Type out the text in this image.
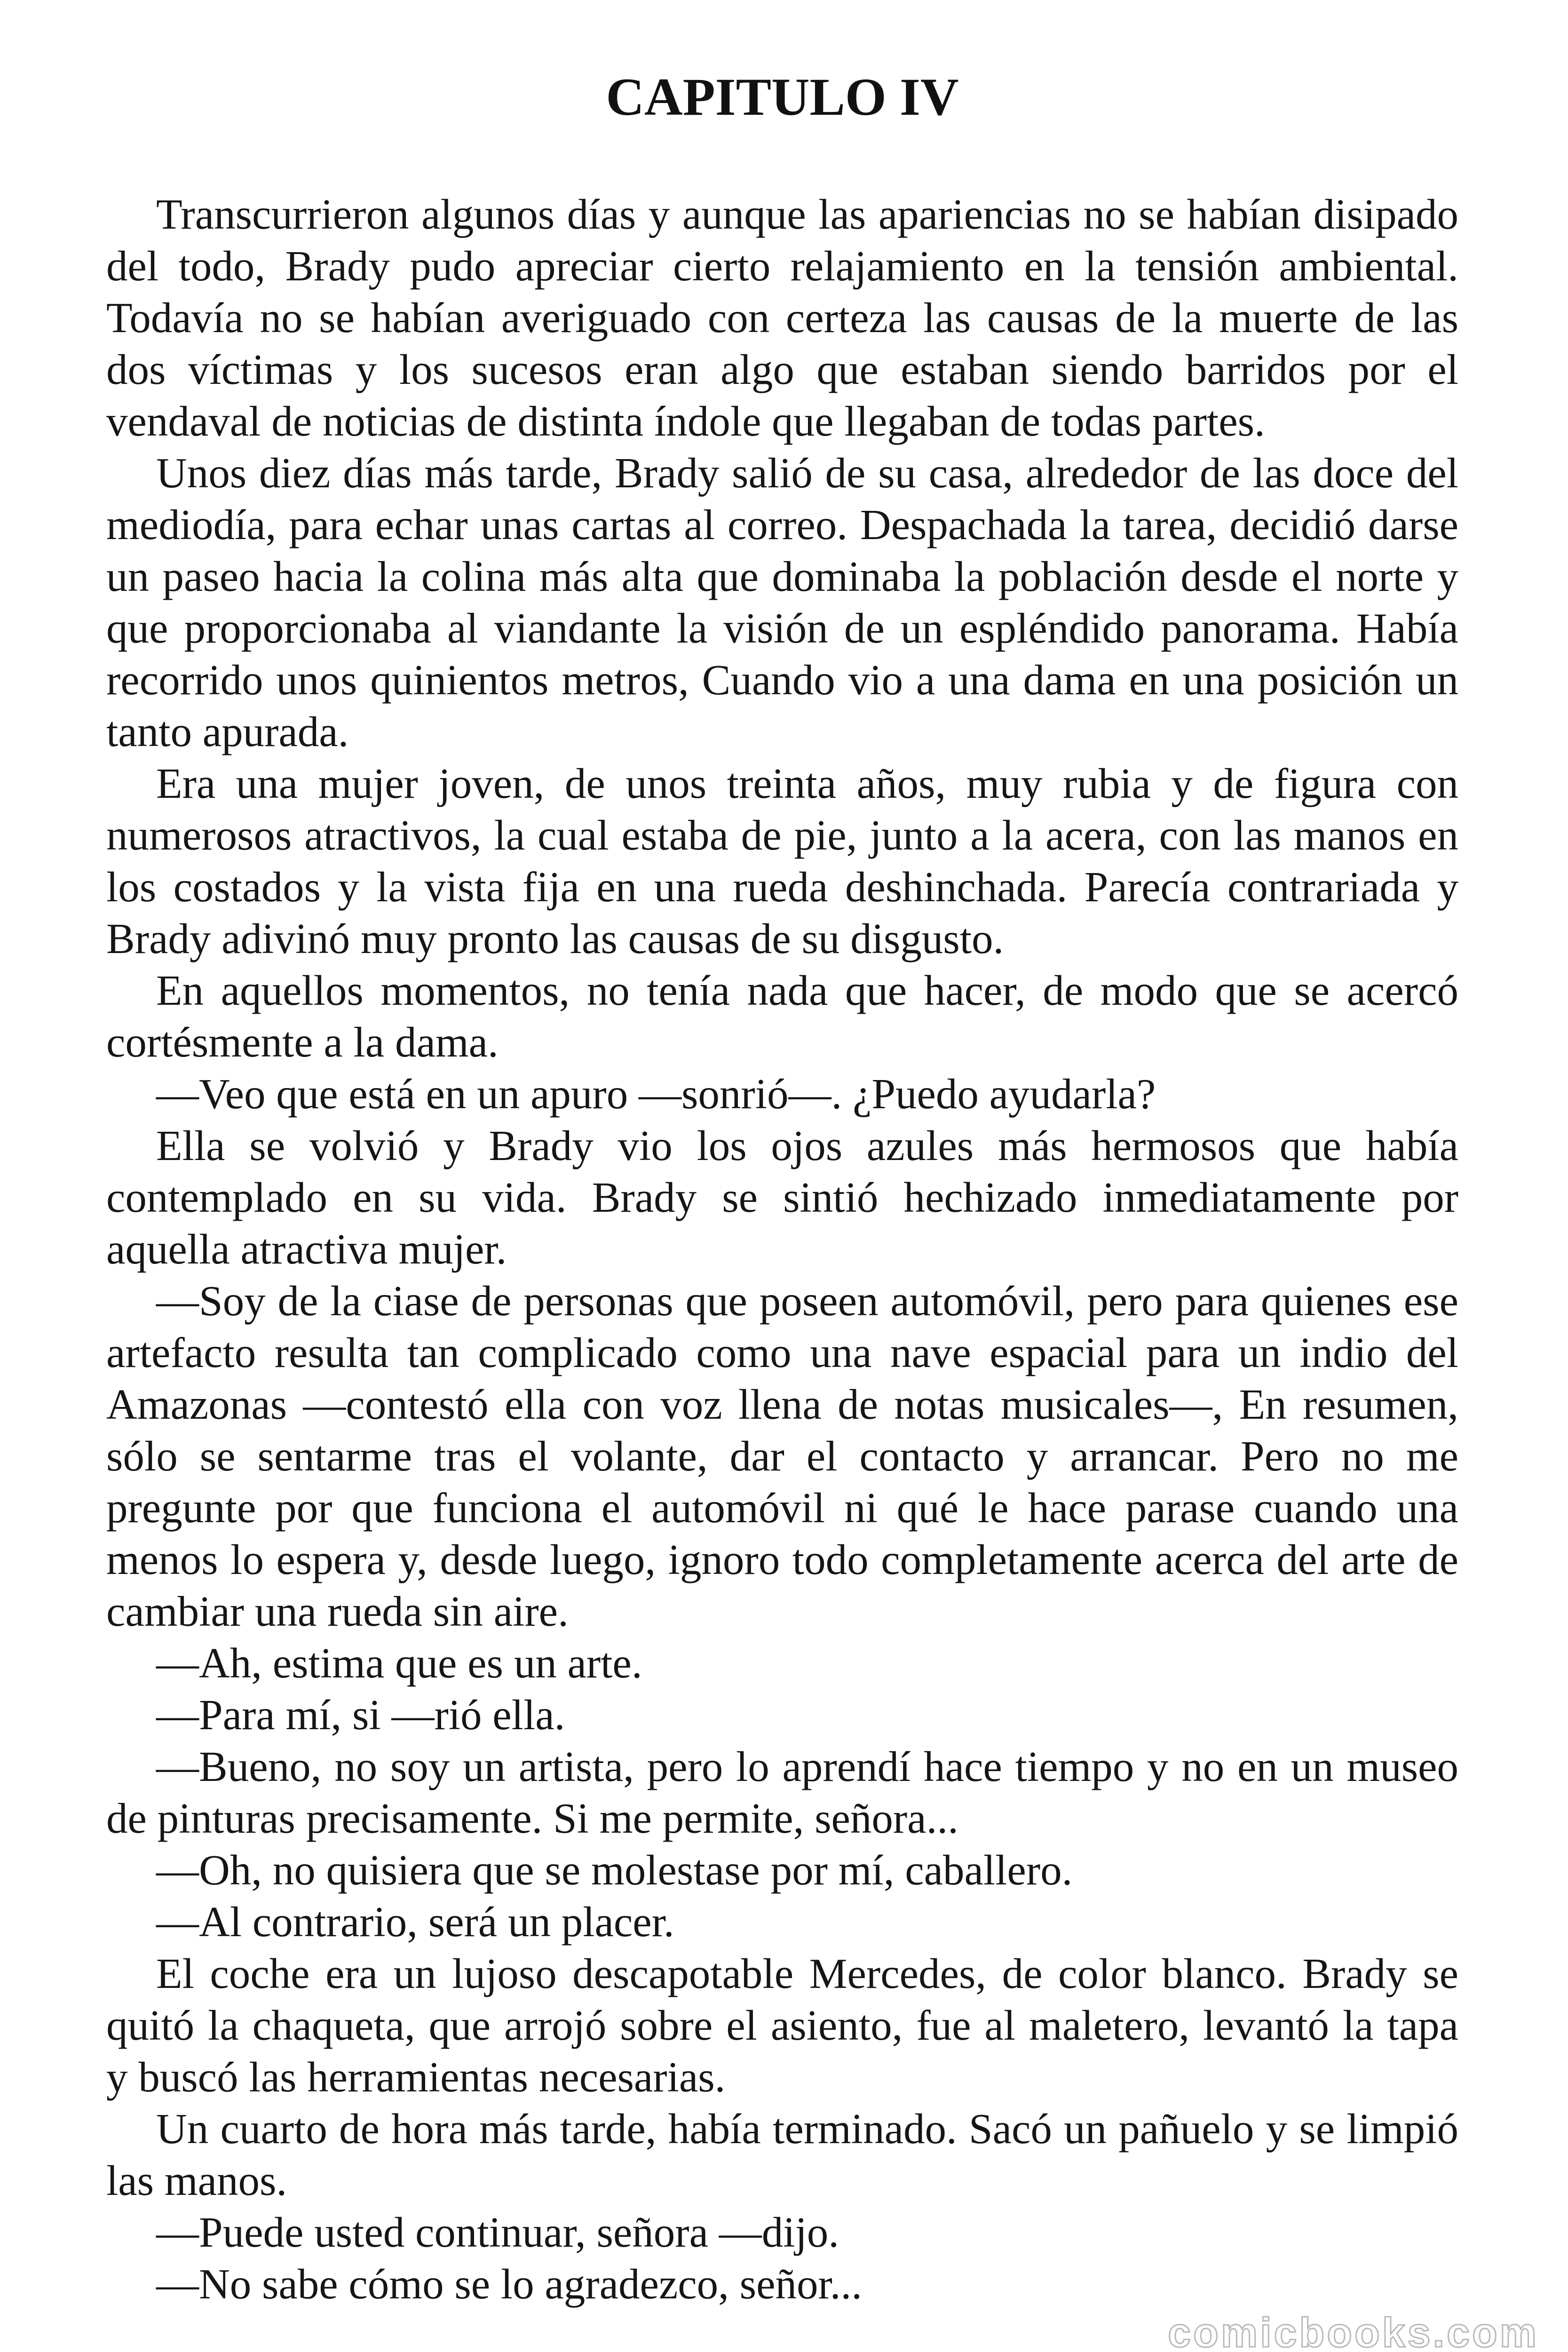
CAPITULO IV
Transcurrieron algunos días y aunque las apariencias no se habían disipado
del todo, Brady pudo apreciar cierto relajamiento en la tensión ambiental.
Todavía no se habían averiguado con certeza las causas de la muerte de las
dos víctimas y los sucesos eran algo que estaban siendo barridos por el
vendaval de noticias de distinta índole que llegaban de todas partes.
Unos diez días más tarde, Brady salió de su casa, alrededor de las doce del
mediodía, para echar unas cartas al correo. Despachada la tarea, decidió darse
un paseo hacia la colina más alta que dominaba la población desde el norte y
que proporcionaba al viandante la visión de un espléndido panorama. Había
recorrido unos quinientos metros, Cuando vio a una dama en una posición un
tanto apurada.
Era una mujer joven, de unos treinta años, muy rubia y de figura con
numerosos atractivos, la cual estaba de pie, junto a la acera, con las manos en
los costados y la vista fija en una rueda deshinchada. Parecía contrariada y
Brady adivinó muy pronto las causas de su disgusto.
En aquellos momentos, no tenía nada que hacer, de modo que se acercó
cortésmente a la dama.
—Veo que está en un apuro —sonrió—. ¿Puedo ayudarla?
Ella se volvió y Brady vio los ojos azules más hermosos que había
contemplado en su vida. Brady se sintió hechizado inmediatamente por
aquella atractiva mujer.
—Soy de la ciase de personas que poseen automóvil, pero para quienes ese
artefacto resulta tan complicado como una nave espacial para un indio del
Amazonas —contestó ella con voz llena de notas musicales—, En resumen,
sólo se sentarme tras el volante, dar el contacto y arrancar. Pero no me
pregunte por que funciona el automóvil ni qué le hace parase cuando una
menos lo espera y, desde luego, ignoro todo completamente acerca del arte de
cambiar una rueda sin aire.
—Ah, estima que es un arte.
—Para mí, si —rió ella.
—Bueno, no soy un artista, pero lo aprendí hace tiempo y no en un museo
de pinturas precisamente. Si me permite, señora...
—Oh, no quisiera que se molestase por mí, caballero.
—Al contrario, será un placer.
El coche era un lujoso descapotable Mercedes, de color blanco. Brady se
quitó la chaqueta, que arrojó sobre el asiento, fue al maletero, levantó la tapa
y buscó las herramientas necesarias.
Un cuarto de hora más tarde, había terminado. Sacó un pañuelo y se limpió
las manos.
—Puede usted continuar, señora —dijo.
—No sabe cómo se lo agradezco, señor...
comicbooks.com
